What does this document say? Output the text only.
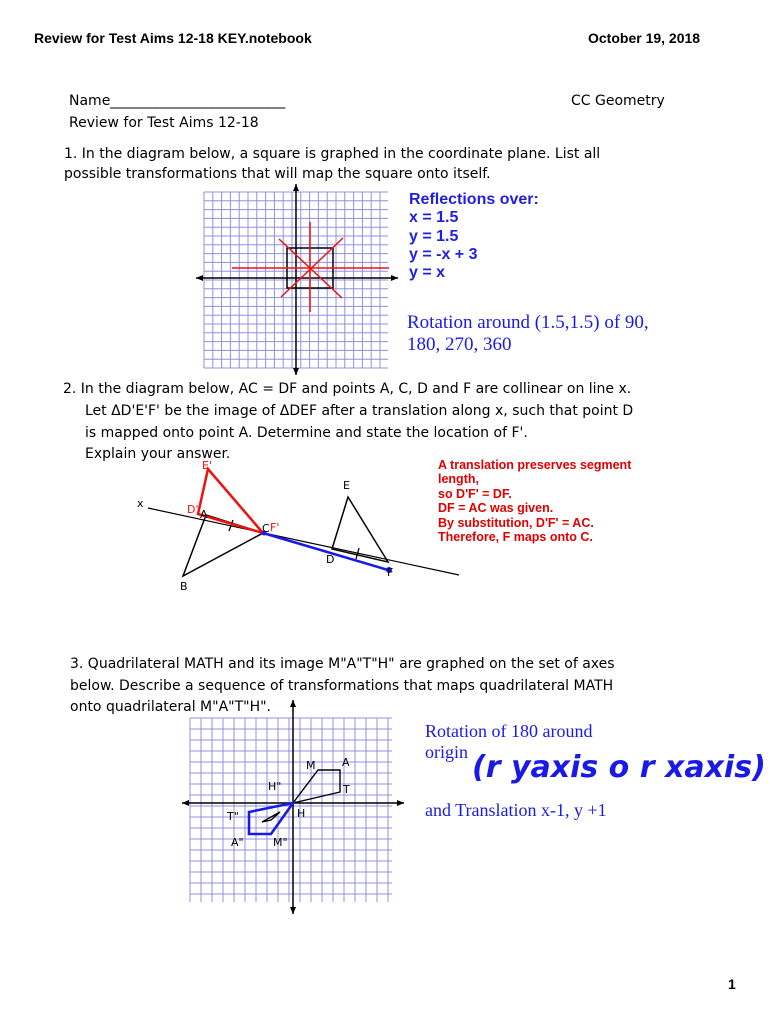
Review for Test Aims 12-18 KEY.notebook	October 19, 2018
Name_________________________	CC Geometry
Review for Test Aims 12-18
1. In the diagram below, a square is graphed in the coordinate plane. List all
possible transformations that will map the square onto itself.
Reflections over:
x = 1.5
y = 1.5
y = -x + 3
y = x
Rotation around (1.5,1.5) of 90,
180, 270, 360
2. In the diagram below, AC = DF and points A, C, D and F are collinear on line x.
Let ΔD'E'F' be the image of ΔDEF after a translation along x, such that point D
is mapped onto point A. Determine and state the location of F'.
Explain your answer.
x
E'
D' A
C F'
B
E
D
F
A translation preserves segment
length,
so D'F' = DF.
DF = AC was given.
By substitution, D'F' = AC.
Therefore, F maps onto C.
3. Quadrilateral MATH and its image M"A"T"H" are graphed on the set of axes
below. Describe a sequence of transformations that maps quadrilateral MATH
onto quadrilateral M"A"T"H".
M A
T
H
H"
T"
A"	M"
Rotation of 180 around
origin (r yaxis o r xaxis)
and Translation x-1, y +1
1
